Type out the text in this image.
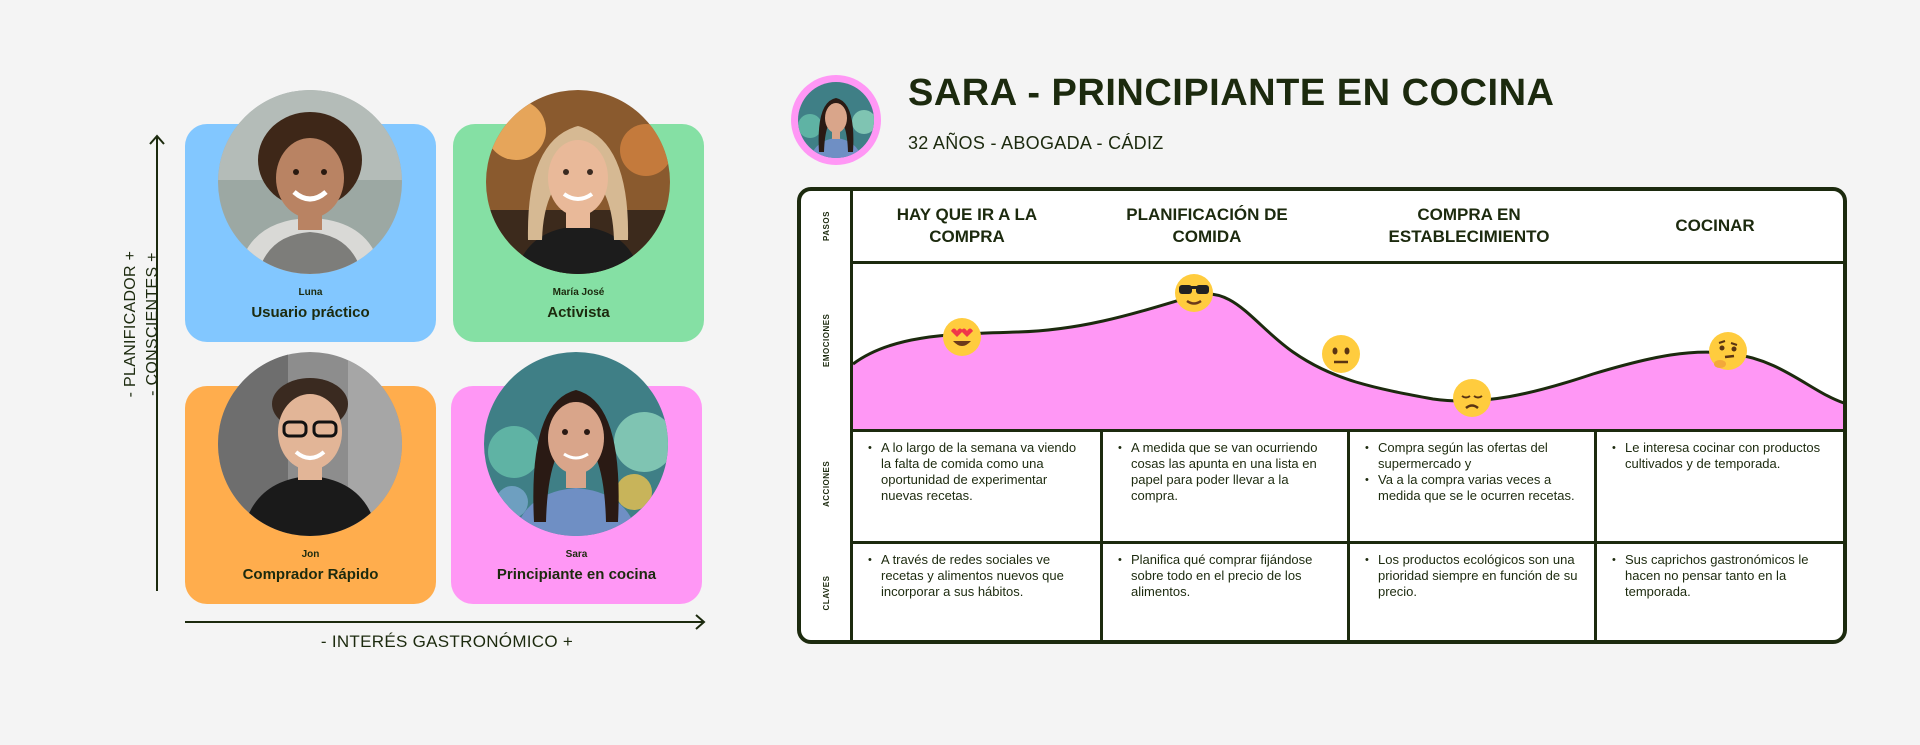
- PLANIFICADOR + - CONSCIENTES +
- INTERÉS GASTRONÓMICO +
Luna
Usuario práctico
María José
Activista
Jon
Comprador Rápido
Sara
Principiante en cocina
SARA - PRINCIPIANTE EN COCINA
32 AÑOS - ABOGADA - CÁDIZ
PASOS
EMOCIONES
ACCIONES
CLAVES
HAY QUE IR A LA COMPRA
PLANIFICACIÓN DE COMIDA
COMPRA EN ESTABLECIMIENTO
COCINAR
• A lo largo de la semana va viendo la falta de comida como una oportunidad de experimentar nuevas recetas.
• A medida que se van ocurriendo cosas las apunta en una lista en papel para poder llevar a la compra.
• Compra según las ofertas del supermercado y
• Va a la compra varias veces a medida que se le ocurren recetas.
• Le interesa cocinar con productos cultivados y de temporada.
• A través de redes sociales ve recetas y alimentos nuevos que incorporar a sus hábitos.
• Planifica qué comprar fijándose sobre todo en el precio de los alimentos.
• Los productos ecológicos son una prioridad siempre en función de su precio.
• Sus caprichos gastronómicos le hacen no pensar tanto en la temporada.
